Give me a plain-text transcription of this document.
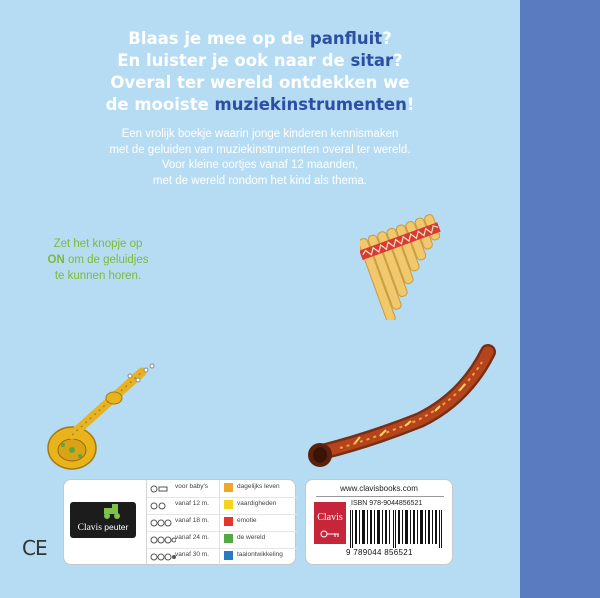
Blaas je mee op de panfluit?
En luister je ook naar de sitar?
Overal ter wereld ontdekken we
de mooiste muziekinstrumenten!
Een vrolijk boekje waarin jonge kinderen kennismaken
met de geluiden van muziekinstrumenten overal ter wereld.
Voor kleine oortjes vanaf 12 maanden,
met de wereld rondom het kind als thema.
Zet het knopje op
ON om de geluidjes
te kunnen horen.
CE
Clavis peuter
voor baby's	dagelijks leven
vanaf 12 m.	vaardigheden
vanaf 18 m.	emotie
vanaf 24 m.	de wereld
vanaf 30 m.	taalontwikkeling
www.clavisbooks.com
Clavis
ISBN 978-9044856521
9 789044 856521
